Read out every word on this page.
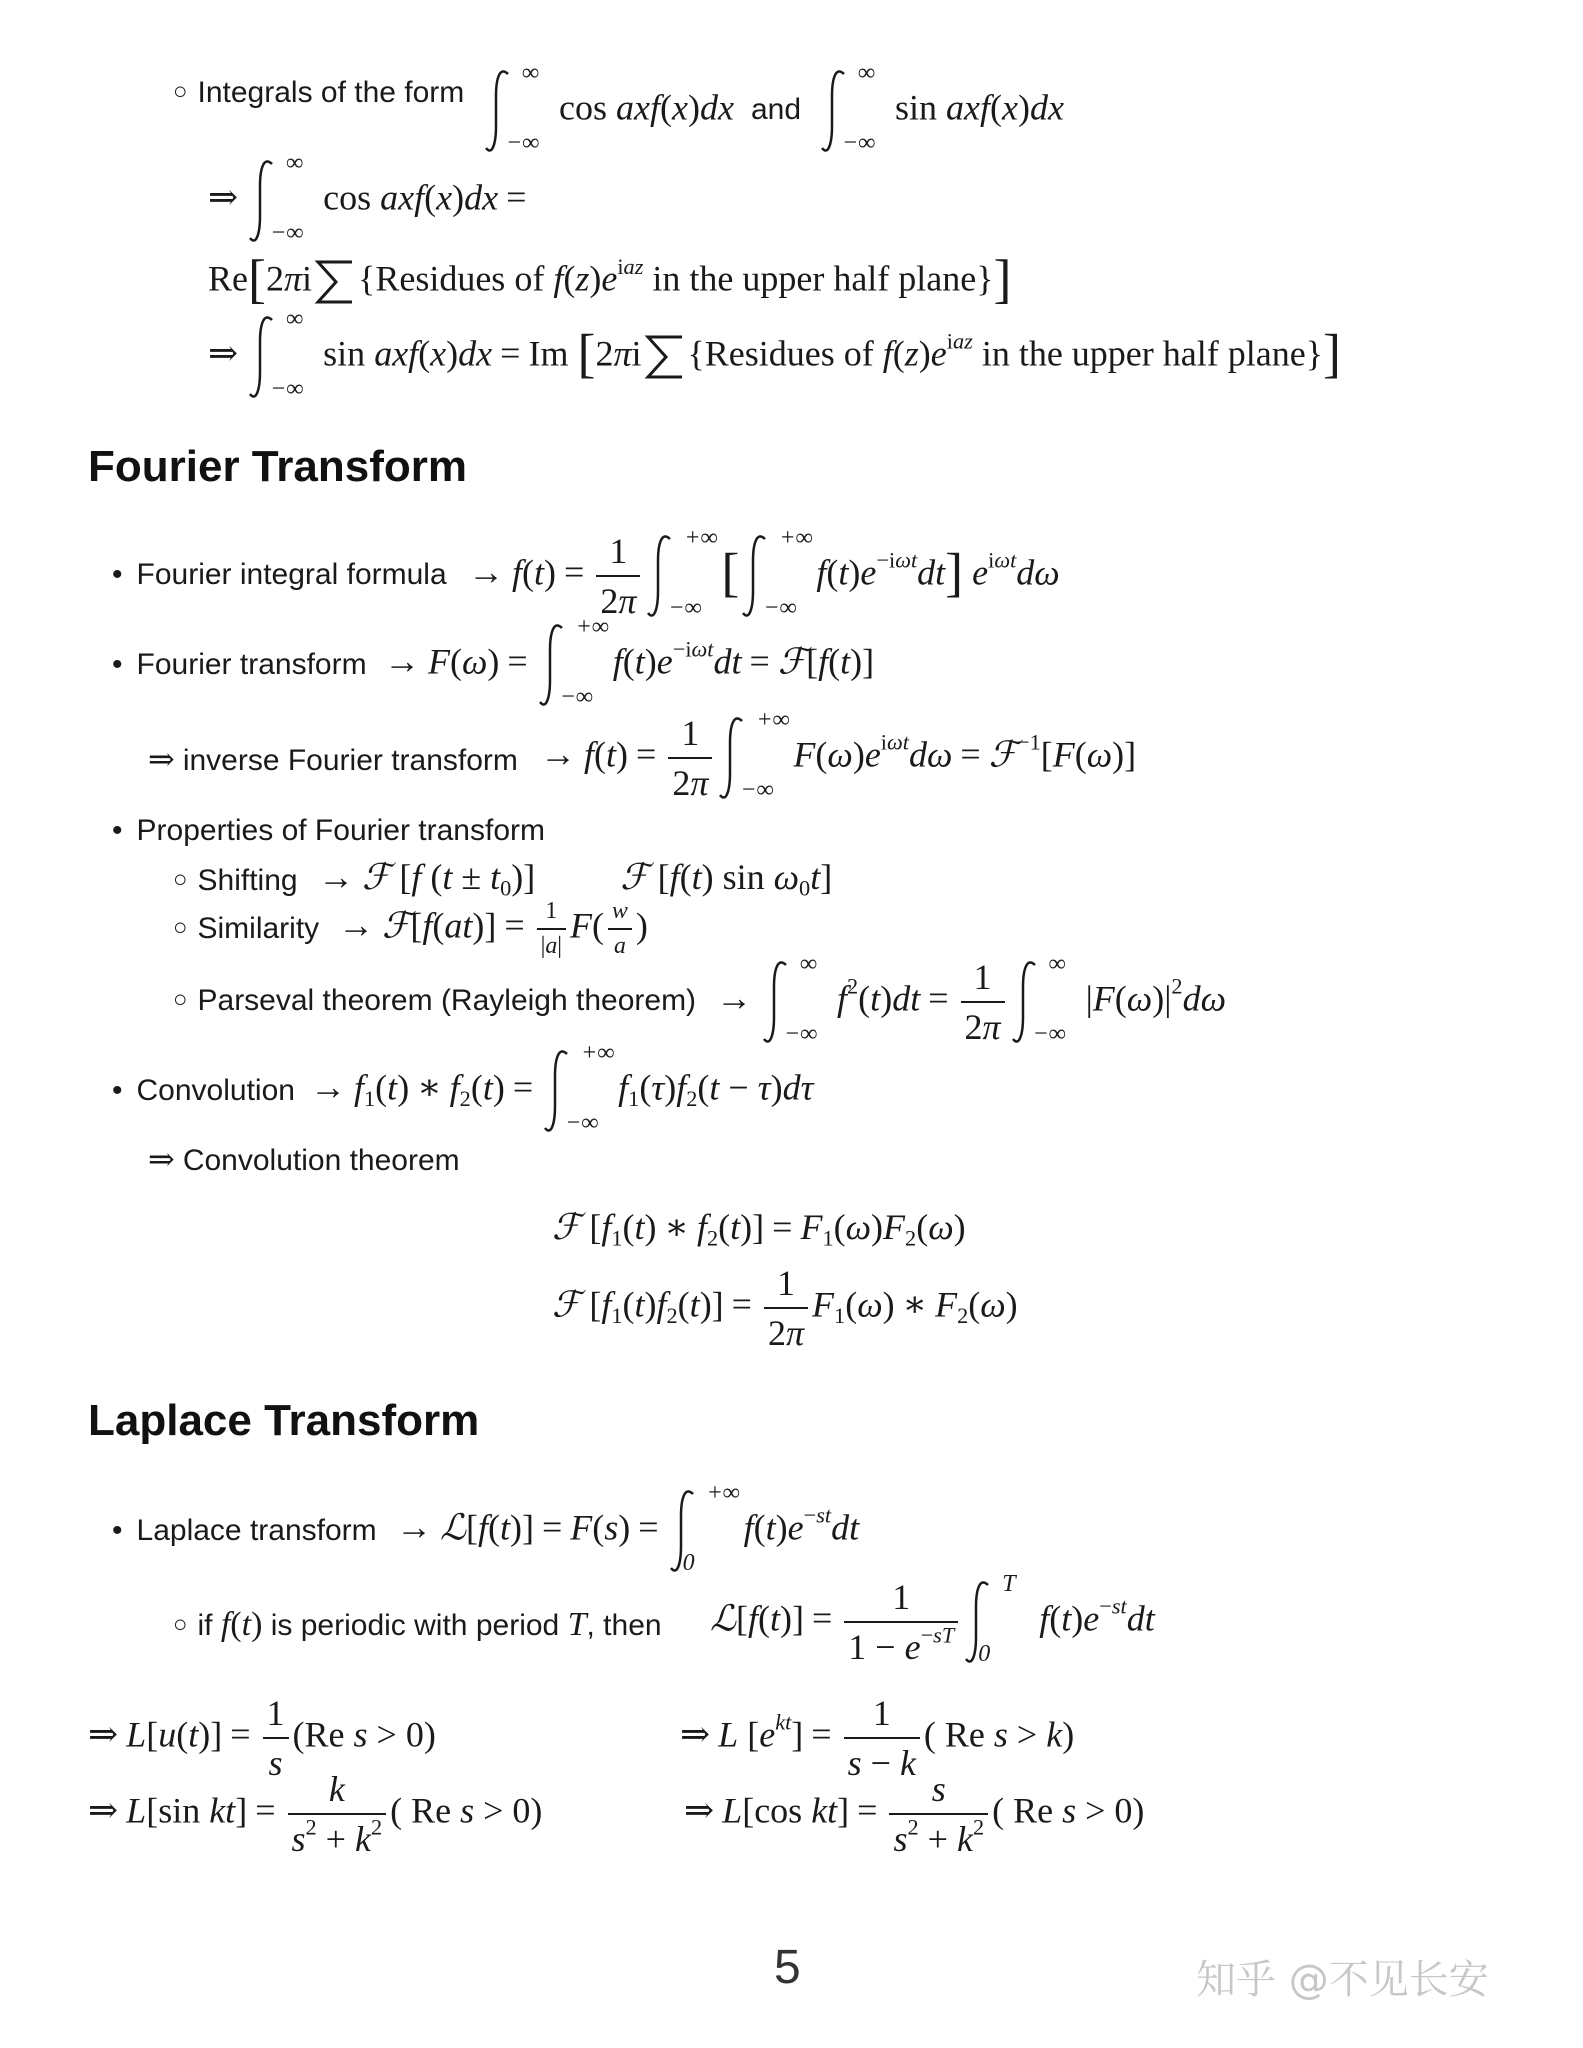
○ Integrals of the form
∞
−∞
cos axf(x)dx and
∞
−∞
sin axf(x)dx
⇒
∞
−∞
cos axf(x)dx =
Re[2πi {Residues of $f(z)e^{iaz}$ in the upper half plane}]
⇒
∞
−∞
sin axf(x)dx = Im [2πi {Residues of $f(z)e^{iaz}$ in the upper half plane}]
Fourier Transform
• Fourier integral formula → $f(t) = \frac{1}{2\pi}$ +∞
−∞
[
+∞
−∞
$f(t)e^{-i\omega t}dt$] $e^{i\omega t}d\omega$
• Fourier transform → F(ω) =
+∞
−∞
$f(t)e^{-i\omega t}dt$ = ℱ[f(t)]
⇒ inverse Fourier transform → $f(t) = \frac{1}{2\pi}$ +∞
−∞
$F(\omega)e^{i\omega t}d\omega$ = ℱ$^{-1}$[F(ω)]
• Properties of Fourier transform
○ Shifting → ℱ [f $(t \pm t_0)$] ℱ [f(t) $\sin \omega_0t$]
○ Similarity → ℱ[f(at)] = $\frac{1}{|a|} F( \frac{w}{a}$ )
○ Parseval theorem (Rayleigh theorem) →
∞
−∞
$f^2(t)dt = \frac{1}{2\pi}$ ∞
−∞
$|F(\omega)|^2d\omega$
• Convolution → $f_1(t)$ ∗ $f_2(t)$ =
+∞
−∞
$f_1(\tau)f_2(t - \tau)d\tau$
⇒ Convolution theorem
ℱ [$f_1(t)$ ∗ $f_2(t)] = F_1(\omega)F_2(\omega)$
ℱ $[f_1(t)f_2(t)] = \frac{1}{2\pi} F_1(\omega)$ ∗ $F_2(\omega)$
Laplace Transform
• Laplace transform → ℒ[f(t)] = F(s) =
+∞
0
$f(t)e^{-st}dt$
○ if f(t) is periodic with period T, then ℒ[f(t)] = $\frac{1}{1 - e^{-sT}}$ T
0
$f(t)e^{-st}dt$
⇒ $L[u(t)] = \frac{1}{s} (Re$ s > 0)	⇒ L $[e^{kt}] = \frac{1}{s - k}$ ( Re s > k)
⇒ L[sin $kt] = \frac{k}{s^2 + k^2}$ ( Re s > 0)	⇒ L[cos $kt] = \frac{s}{s^2 + k^2}$ ( Re s > 0)
5	知乎 @不见长安
